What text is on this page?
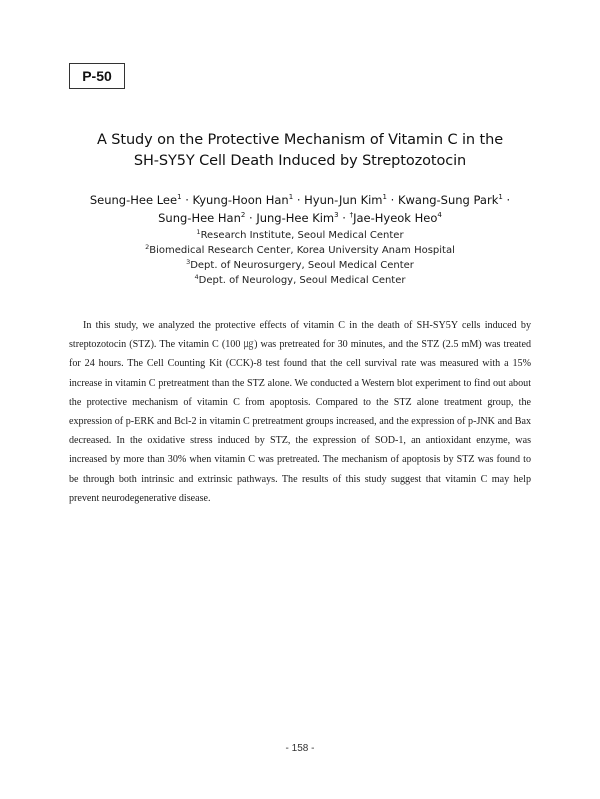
P-50
A Study on the Protective Mechanism of Vitamin C in the
SH-SY5Y Cell Death Induced by Streptozotocin
Seung-Hee Lee$^1$ · Kyung-Hoon Han$^1$ · Hyun-Jun Kim$^1$ · Kwang-Sung Park$^1$ ·
Sung-Hee Han$^2$ · Jung-Hee Kim$^3$ · †Jae-Hyeok Heo$^4$
$^1$Research Institute, Seoul Medical Center
$^2$Biomedical Research Center, Korea University Anam Hospital
$^3$Dept. of Neurosurgery, Seoul Medical Center
$^4$Dept. of Neurology, Seoul Medical Center

In this study, we analyzed the protective effects of vitamin C in the death of SH-SY5Y cells induced by streptozotocin (STZ). The vitamin C (100 ㎍) was pretreated for 30 minutes, and the STZ (2.5 mM) was treated for 24 hours. The Cell Counting Kit (CCK)-8 test found that the cell survival rate was measured with a 15% increase in vitamin C pretreatment than the STZ alone. We conducted a Western blot experiment to find out about the protective mechanism of vitamin C from apoptosis. Compared to the STZ alone treatment group, the expression of p-ERK and Bcl-2 in vitamin C pretreatment groups increased, and the expression of p-JNK and Bax decreased. In the oxidative stress induced by STZ, the expression of SOD-1, an antioxidant enzyme, was increased by more than 30% when vitamin C was pretreated. The mechanism of apoptosis by STZ was found to be through both intrinsic and extrinsic pathways. The results of this study suggest that vitamin C may help prevent neurodegenerative disease.

- 158 -
